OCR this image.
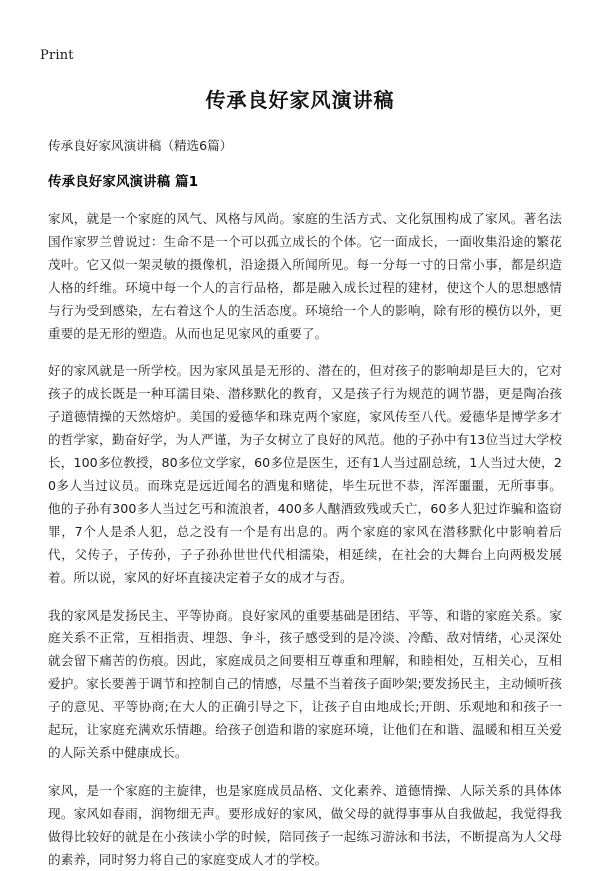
Print
传承良好家风演讲稿

传承良好家风演讲稿（精选6篇）

传承良好家风演讲稿 篇1

家风，就是一个家庭的风气、风格与风尚。家庭的生活方式、文化氛围构成了家风。著名法国作家罗兰曾说过：生命不是一个可以孤立成长的个体。它一面成长，一面收集沿途的繁花茂叶。它又似一架灵敏的摄像机，沿途摄入所闻所见。每一分每一寸的日常小事，都是织造人格的纤维。环境中每一个人的言行品格，都是融入成长过程的建材，使这个人的思想感情与行为受到感染，左右着这个人的生活态度。环境给一个人的影响，除有形的模仿以外，更重要的是无形的塑造。从而也足见家风的重要了。

好的家风就是一所学校。因为家风虽是无形的、潜在的，但对孩子的影响却是巨大的，它对孩子的成长既是一种耳濡目染、潜移默化的教育，又是孩子行为规范的调节器，更是陶冶孩子道德情操的天然熔炉。美国的爱德华和珠克两个家庭，家风传至八代。爱德华是博学多才的哲学家，勤奋好学，为人严谨，为子女树立了良好的风范。他的子孙中有13位当过大学校长，100多位教授，80多位文学家，60多位是医生，还有1人当过副总统，1人当过大使，20多人当过议员。而珠克是远近闻名的酒鬼和赌徒，毕生玩世不恭，浑浑噩噩，无所事事。他的子孙有300多人当过乞丐和流浪者，400多人酗酒致残或夭亡，60多人犯过诈骗和盗窃罪，7个人是杀人犯，总之没有一个是有出息的。两个家庭的家风在潜移默化中影响着后代，父传子，子传孙，子子孙孙世世代代相濡染，相延续，在社会的大舞台上向两极发展着。所以说，家风的好坏直接决定着子女的成才与否。

我的家风是发扬民主、平等协商。良好家风的重要基础是团结、平等、和谐的家庭关系。家庭关系不正常，互相指责、埋怨、争斗，孩子感受到的是冷淡、冷酷、敌对情绪，心灵深处就会留下痛苦的伤痕。因此，家庭成员之间要相互尊重和理解，和睦相处，互相关心，互相爱护。家长要善于调节和控制自己的情感，尽量不当着孩子面吵架;要发扬民主，主动倾听孩子的意见、平等协商;在大人的正确引导之下，让孩子自由地成长;开朗、乐观地和和孩子一起玩，让家庭充满欢乐情趣。给孩子创造和谐的家庭环境，让他们在和谐、温暖和相互关爱的人际关系中健康成长。

家风，是一个家庭的主旋律，也是家庭成员品格、文化素养、道德情操、人际关系的具体体现。家风如春雨，润物细无声。要形成好的家风，做父母的就得事事从自我做起，我觉得我做得比较好的就是在小孩读小学的时候，陪同孩子一起练习游泳和书法，不断提高为人父母的素养，同时努力将自己的家庭变成人才的学校。
